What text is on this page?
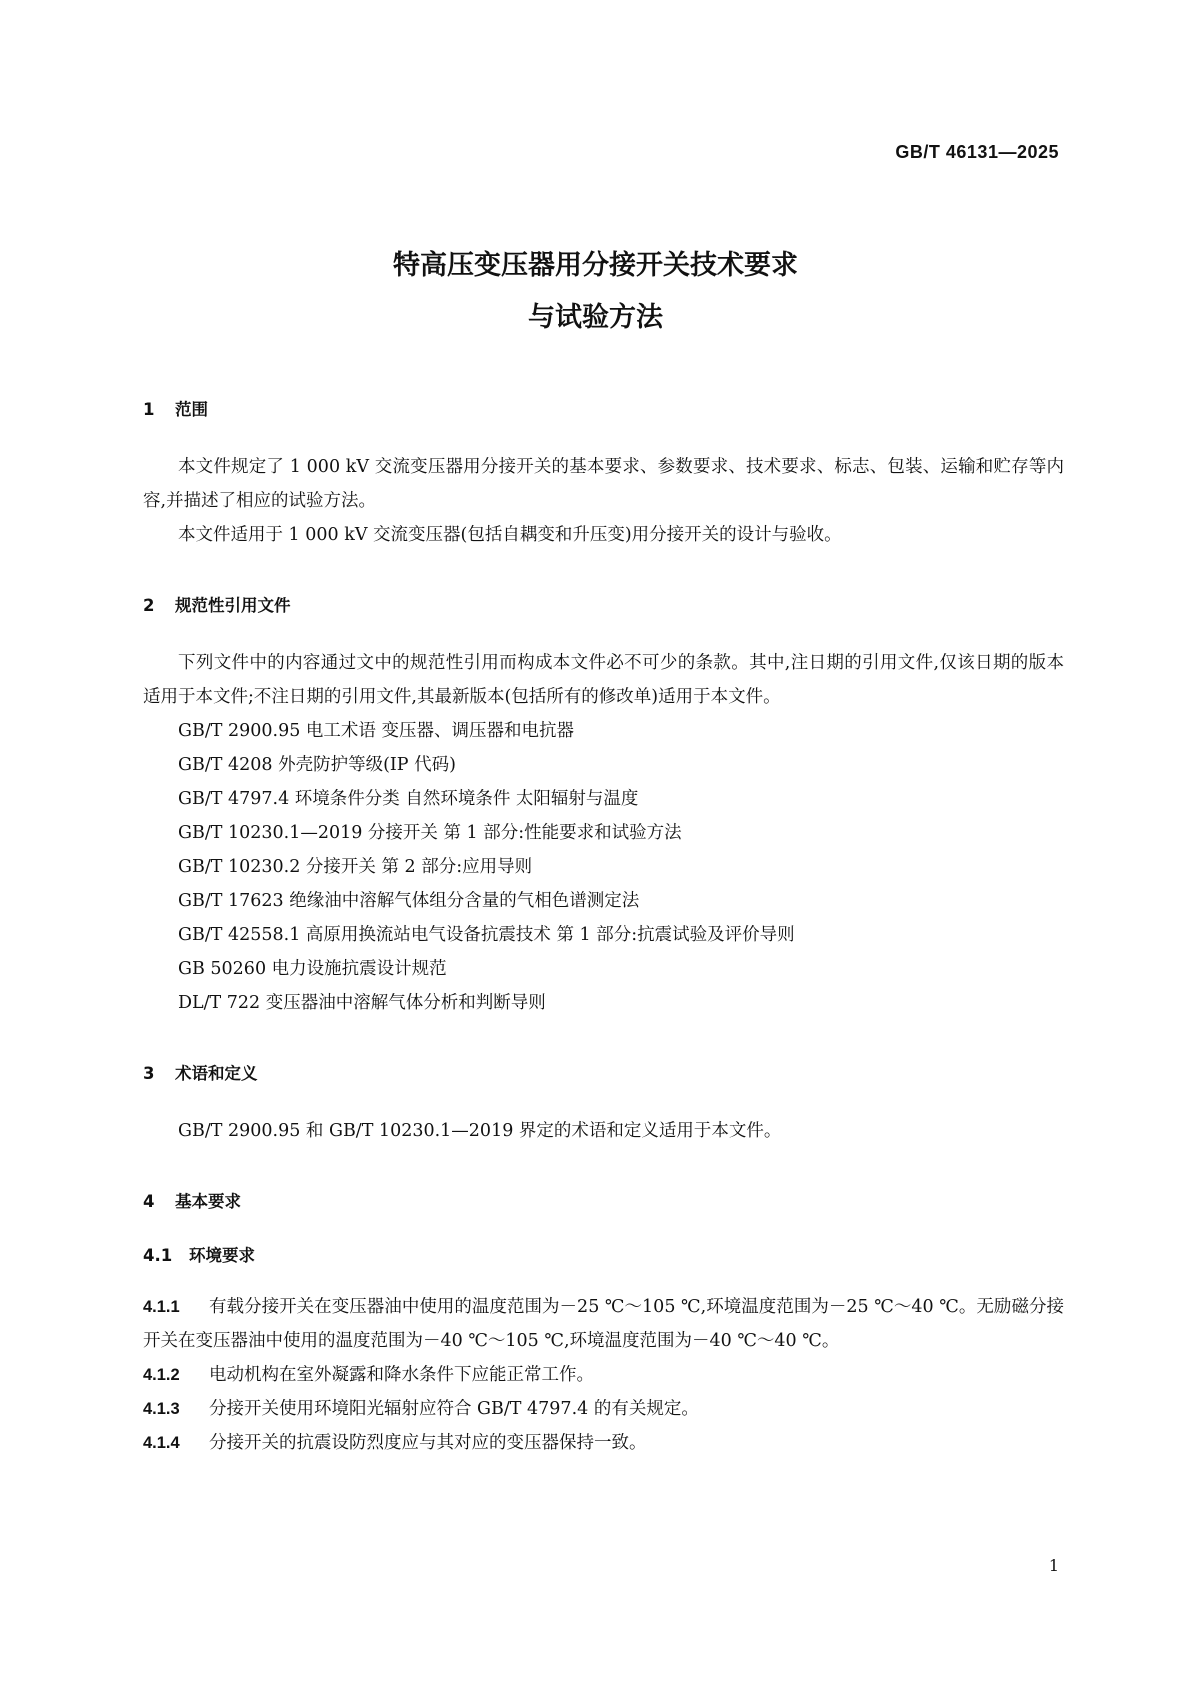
GB/T 46131—2025
特高压变压器用分接开关技术要求
与试验方法
1 范围

本文件规定了 1 000 kV 交流变压器用分接开关的基本要求、参数要求、技术要求、标志、包装、运输和贮存等内容,并描述了相应的试验方法。

本文件适用于 1 000 kV 交流变压器(包括自耦变和升压变)用分接开关的设计与验收。

2 规范性引用文件

下列文件中的内容通过文中的规范性引用而构成本文件必不可少的条款。其中,注日期的引用文件,仅该日期的版本适用于本文件;不注日期的引用文件,其最新版本(包括所有的修改单)适用于本文件。

GB/T 2900.95 电工术语 变压器、调压器和电抗器

GB/T 4208 外壳防护等级(IP 代码)

GB/T 4797.4 环境条件分类 自然环境条件 太阳辐射与温度

GB/T 10230.1—2019 分接开关 第 1 部分:性能要求和试验方法

GB/T 10230.2 分接开关 第 2 部分:应用导则

GB/T 17623 绝缘油中溶解气体组分含量的气相色谱测定法

GB/T 42558.1 高原用换流站电气设备抗震技术 第 1 部分:抗震试验及评价导则

GB 50260 电力设施抗震设计规范

DL/T 722 变压器油中溶解气体分析和判断导则

3 术语和定义

GB/T 2900.95 和 GB/T 10230.1—2019 界定的术语和定义适用于本文件。

4 基本要求
4.1 环境要求

4.1.1 有载分接开关在变压器油中使用的温度范围为－25 ℃～105 ℃,环境温度范围为－25 ℃～40 ℃。无励磁分接开关在变压器油中使用的温度范围为－40 ℃～105 ℃,环境温度范围为－40 ℃～40 ℃。

4.1.2 电动机构在室外凝露和降水条件下应能正常工作。

4.1.3 分接开关使用环境阳光辐射应符合 GB/T 4797.4 的有关规定。

4.1.4 分接开关的抗震设防烈度应与其对应的变压器保持一致。

1
